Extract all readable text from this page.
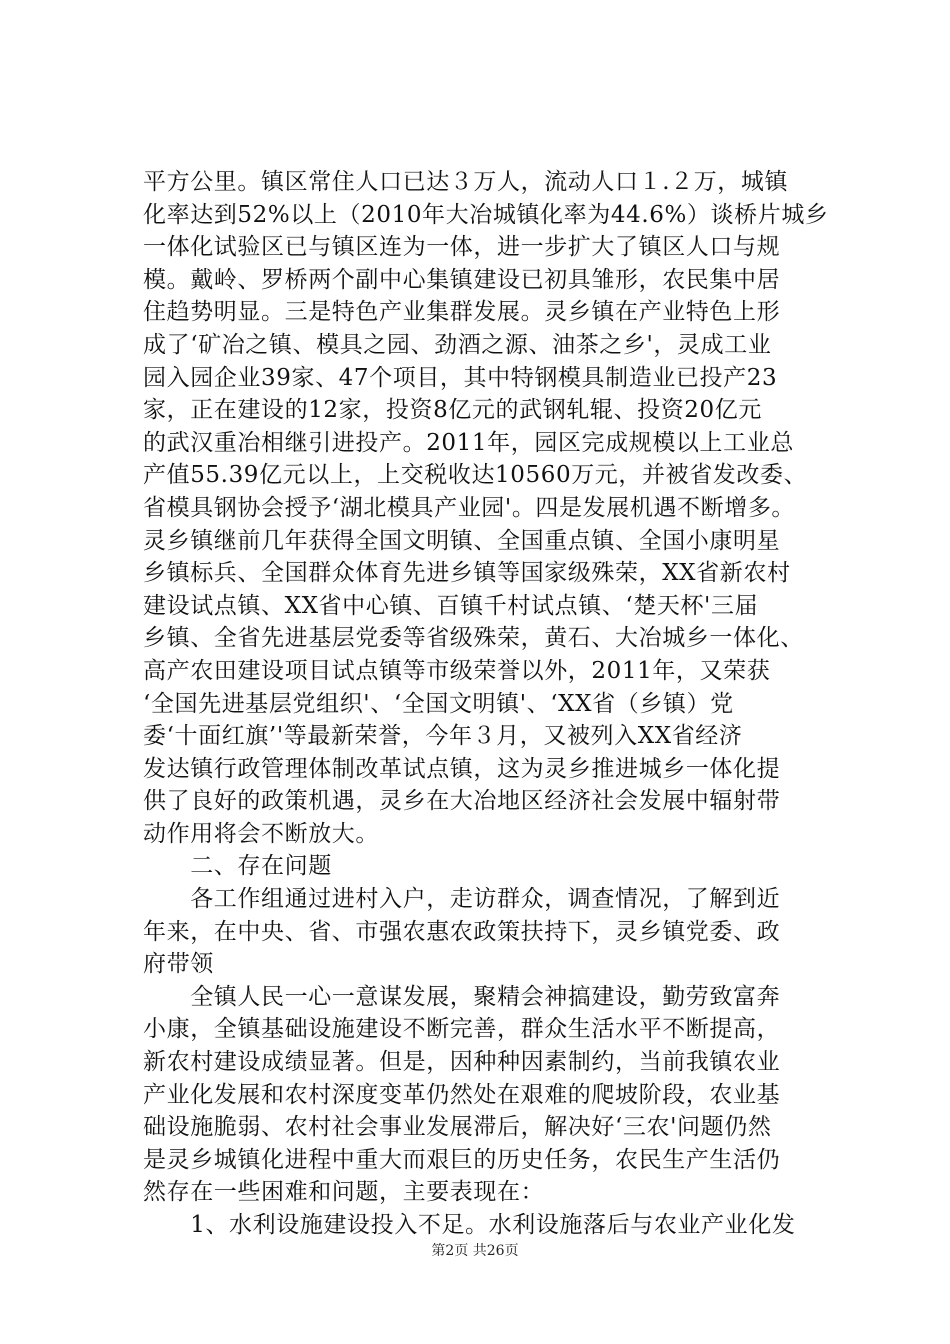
平方公里。镇区常住人口已达３万人，流动人口１.２万，城镇
化率达到52%以上（2010年大冶城镇化率为44.6%）谈桥片城乡
一体化试验区已与镇区连为一体，进一步扩大了镇区人口与规
模。戴岭、罗桥两个副中心集镇建设已初具雏形，农民集中居
住趋势明显。三是特色产业集群发展。灵乡镇在产业特色上形
成了‘矿冶之镇、模具之园、劲酒之源、油茶之乡'，灵成工业
园入园企业39家、47个项目，其中特钢模具制造业已投产23
家，正在建设的12家，投资8亿元的武钢轧辊、投资20亿元
的武汉重冶相继引进投产。2011年，园区完成规模以上工业总
产值55.39亿元以上，上交税收达10560万元，并被省发改委、
省模具钢协会授予‘湖北模具产业园'。四是发展机遇不断增多。
灵乡镇继前几年获得全国文明镇、全国重点镇、全国小康明星
乡镇标兵、全国群众体育先进乡镇等国家级殊荣，XX省新农村
建设试点镇、XX省中心镇、百镇千村试点镇、‘楚天杯'三届
乡镇、全省先进基层党委等省级殊荣，黄石、大冶城乡一体化、
高产农田建设项目试点镇等市级荣誉以外，2011年，又荣获
‘全国先进基层党组织'、‘全国文明镇'、‘XX省（乡镇）党
委‘十面红旗’'等最新荣誉，今年３月，又被列入XX省经济
发达镇行政管理体制改革试点镇，这为灵乡推进城乡一体化提
供了良好的政策机遇，灵乡在大冶地区经济社会发展中辐射带
动作用将会不断放大。
　　二、存在问题
　　各工作组通过进村入户，走访群众，调查情况，了解到近
年来，在中央、省、市强农惠农政策扶持下，灵乡镇党委、政
府带领
　　全镇人民一心一意谋发展，聚精会神搞建设，勤劳致富奔
小康，全镇基础设施建设不断完善，群众生活水平不断提高，
新农村建设成绩显著。但是，因种种因素制约，当前我镇农业
产业化发展和农村深度变革仍然处在艰难的爬坡阶段，农业基
础设施脆弱、农村社会事业发展滞后，解决好‘三农'问题仍然
是灵乡城镇化进程中重大而艰巨的历史任务，农民生产生活仍
然存在一些困难和问题，主要表现在：
　　1、水利设施建设投入不足。水利设施落后与农业产业化发
第2页 共26页
